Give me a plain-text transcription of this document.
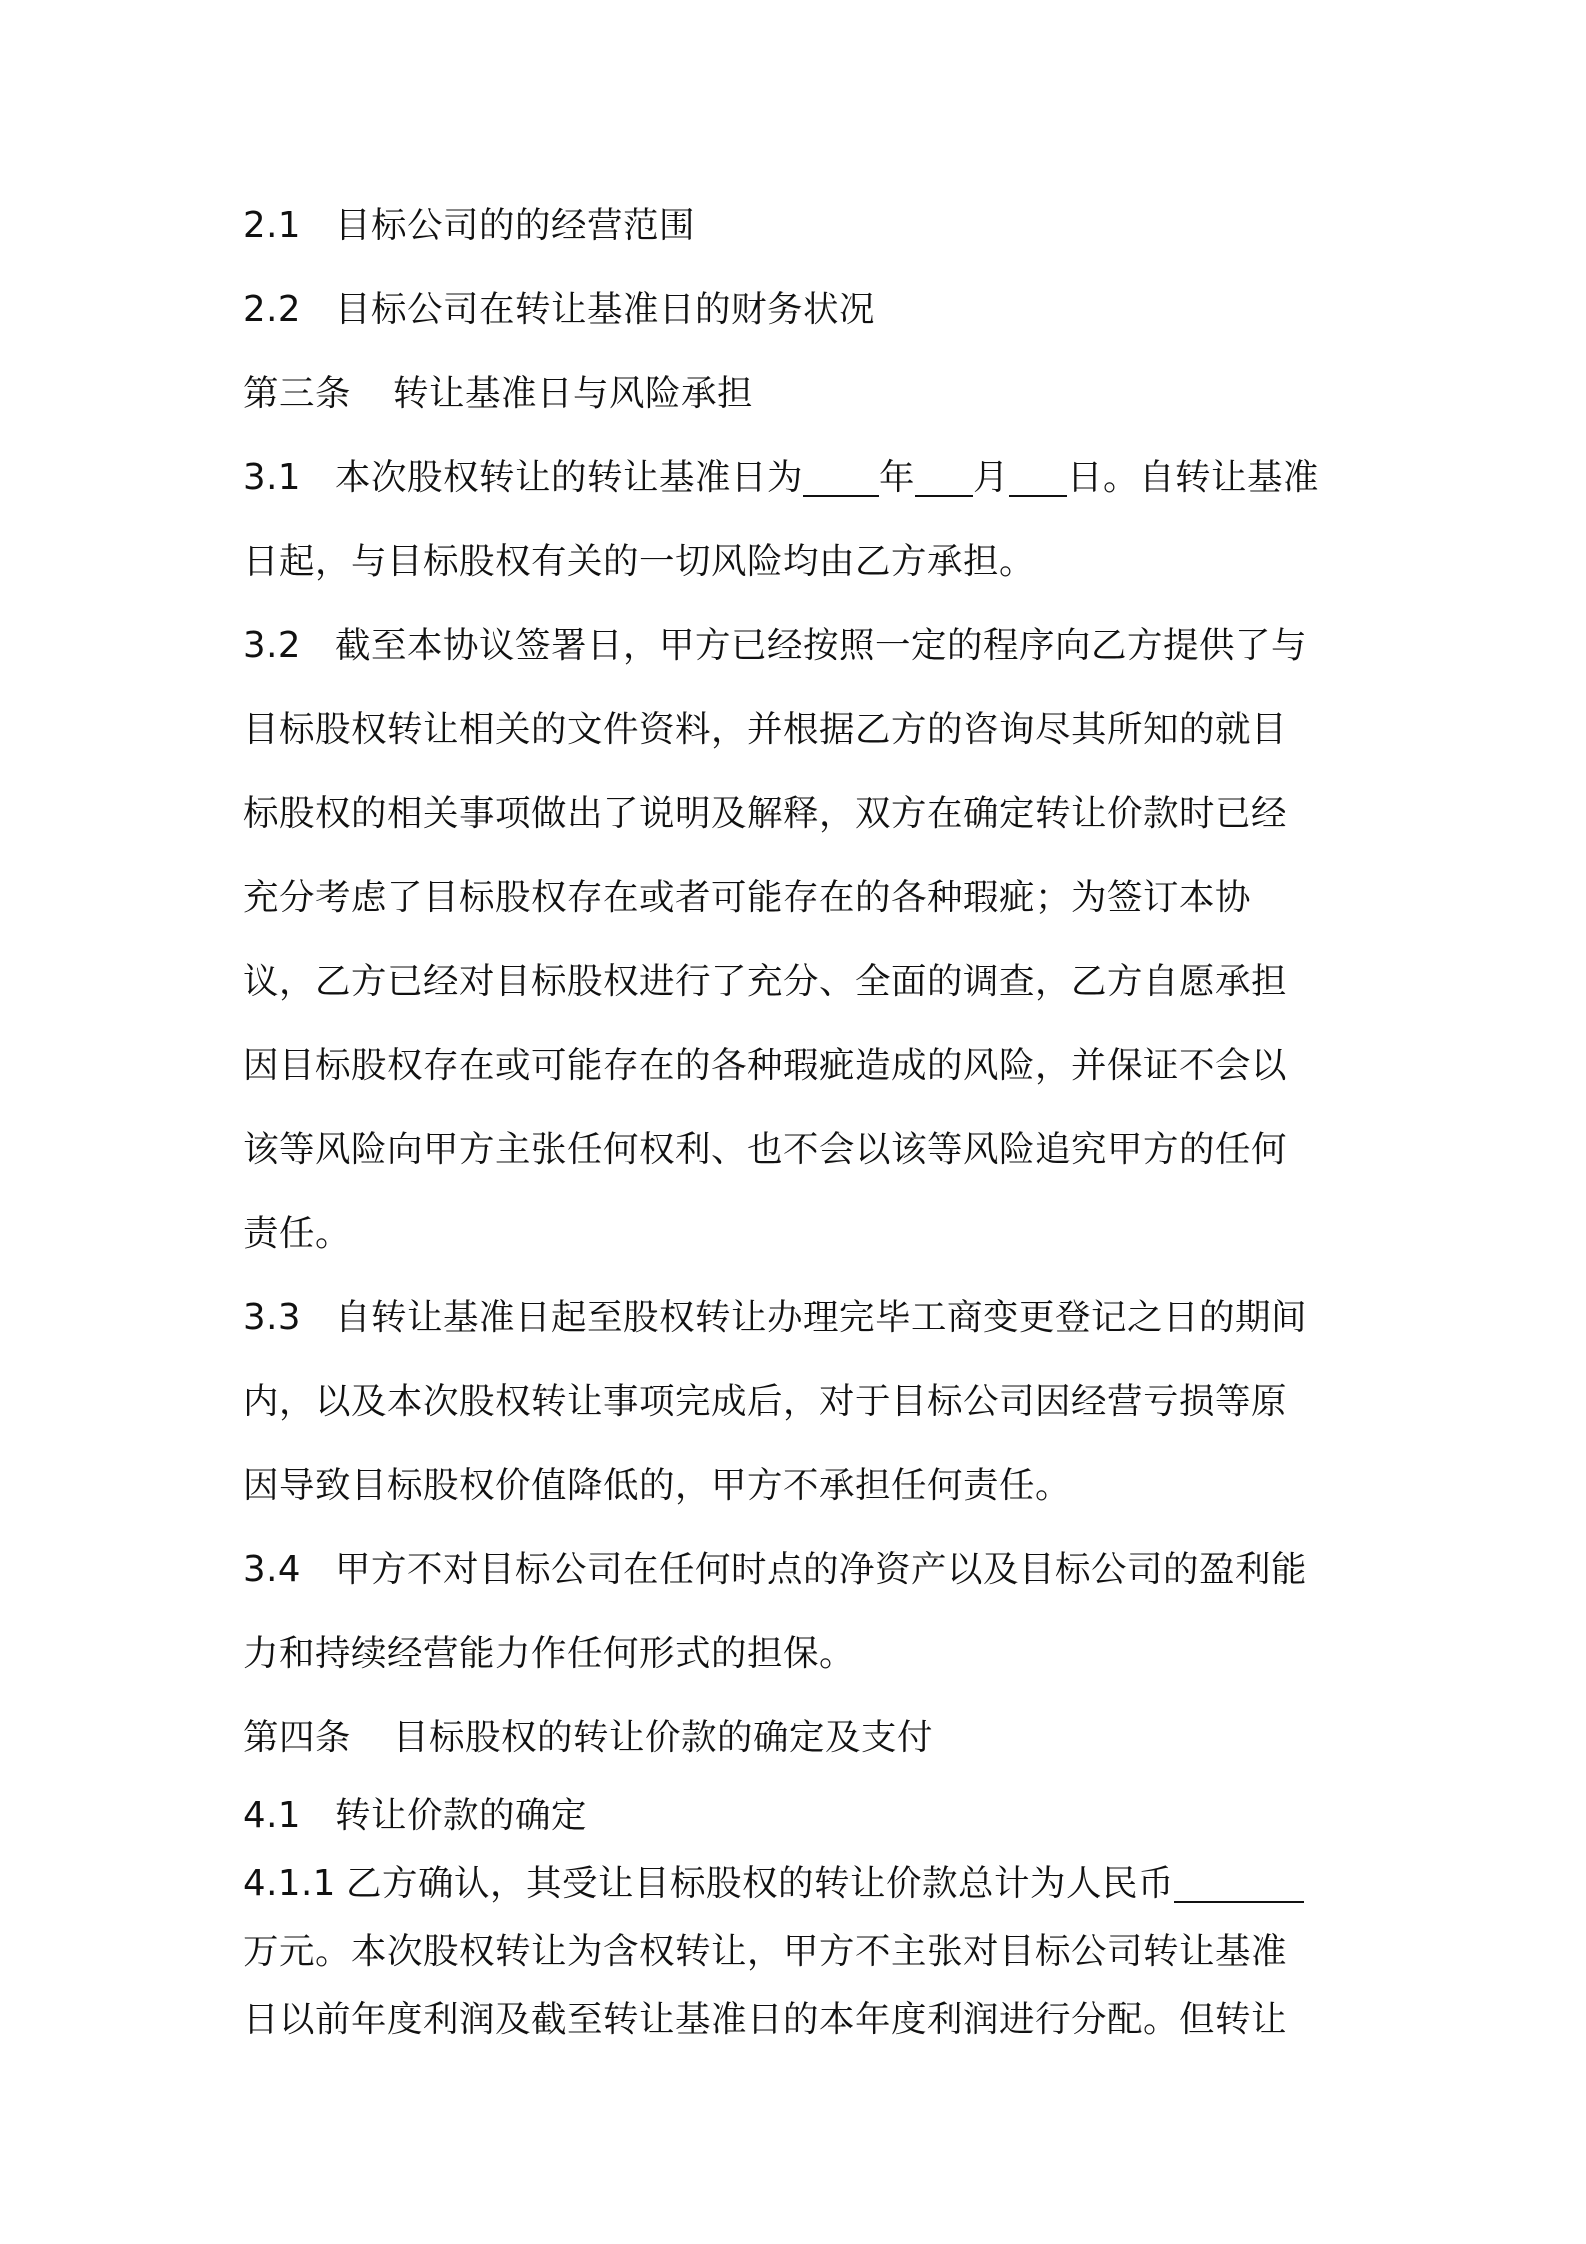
2.1 目标公司的的经营范围
2.2 目标公司在转让基准日的财务状况
第三条 转让基准日与风险承担
3.1 本次股权转让的转让基准日为 年 月 日。自转让基准
日起，与目标股权有关的一切风险均由乙方承担。
3.2 截至本协议签署日，甲方已经按照一定的程序向乙方提供了与
目标股权转让相关的文件资料，并根据乙方的咨询尽其所知的就目
标股权的相关事项做出了说明及解释，双方在确定转让价款时已经
充分考虑了目标股权存在或者可能存在的各种瑕疵；为签订本协
议，乙方已经对目标股权进行了充分、全面的调查，乙方自愿承担
因目标股权存在或可能存在的各种瑕疵造成的风险，并保证不会以
该等风险向甲方主张任何权利、也不会以该等风险追究甲方的任何
责任。
3.3 自转让基准日起至股权转让办理完毕工商变更登记之日的期间
内，以及本次股权转让事项完成后，对于目标公司因经营亏损等原
因导致目标股权价值降低的，甲方不承担任何责任。
3.4 甲方不对目标公司在任何时点的净资产以及目标公司的盈利能
力和持续经营能力作任何形式的担保。
第四条 目标股权的转让价款的确定及支付
4.1 转让价款的确定
4.1.1 乙方确认，其受让目标股权的转让价款总计为人民币
万元。本次股权转让为含权转让，甲方不主张对目标公司转让基准
日以前年度利润及截至转让基准日的本年度利润进行分配。但转让
